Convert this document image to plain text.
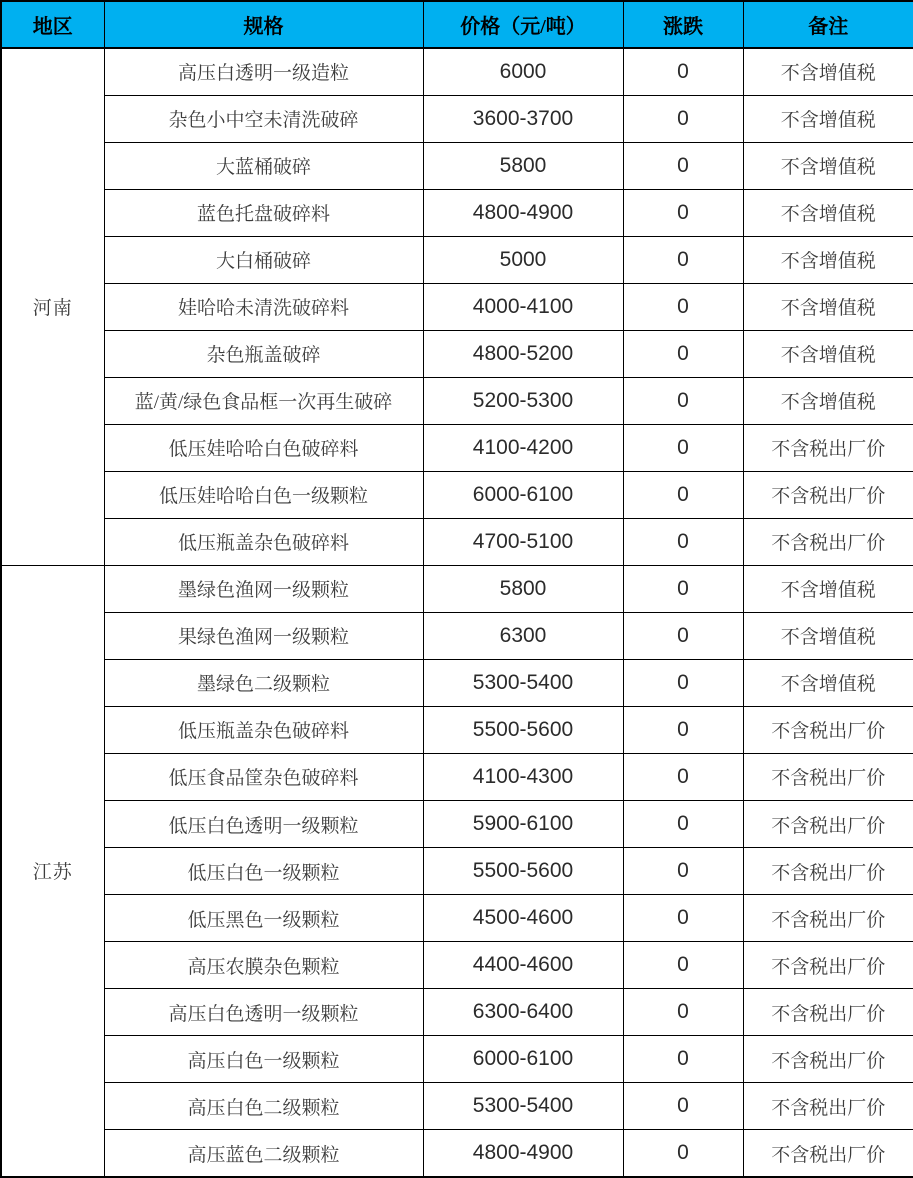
地区	规格	价格（元/吨）	涨跌	备注
河南	高压白透明一级造粒	6000	0	不含增值税
	杂色小中空未清洗破碎	3600-3700	0	不含增值税
	大蓝桶破碎	5800	0	不含增值税
	蓝色托盘破碎料	4800-4900	0	不含增值税
	大白桶破碎	5000	0	不含增值税
	娃哈哈未清洗破碎料	4000-4100	0	不含增值税
	杂色瓶盖破碎	4800-5200	0	不含增值税
	蓝/黄/绿色食品框一次再生破碎	5200-5300	0	不含增值税
	低压娃哈哈白色破碎料	4100-4200	0	不含税出厂价
	低压娃哈哈白色一级颗粒	6000-6100	0	不含税出厂价
	低压瓶盖杂色破碎料	4700-5100	0	不含税出厂价
江苏	墨绿色渔网一级颗粒	5800	0	不含增值税
	果绿色渔网一级颗粒	6300	0	不含增值税
	墨绿色二级颗粒	5300-5400	0	不含增值税
	低压瓶盖杂色破碎料	5500-5600	0	不含税出厂价
	低压食品筐杂色破碎料	4100-4300	0	不含税出厂价
	低压白色透明一级颗粒	5900-6100	0	不含税出厂价
	低压白色一级颗粒	5500-5600	0	不含税出厂价
	低压黑色一级颗粒	4500-4600	0	不含税出厂价
	高压农膜杂色颗粒	4400-4600	0	不含税出厂价
	高压白色透明一级颗粒	6300-6400	0	不含税出厂价
	高压白色一级颗粒	6000-6100	0	不含税出厂价
	高压白色二级颗粒	5300-5400	0	不含税出厂价
	高压蓝色二级颗粒	4800-4900	0	不含税出厂价
